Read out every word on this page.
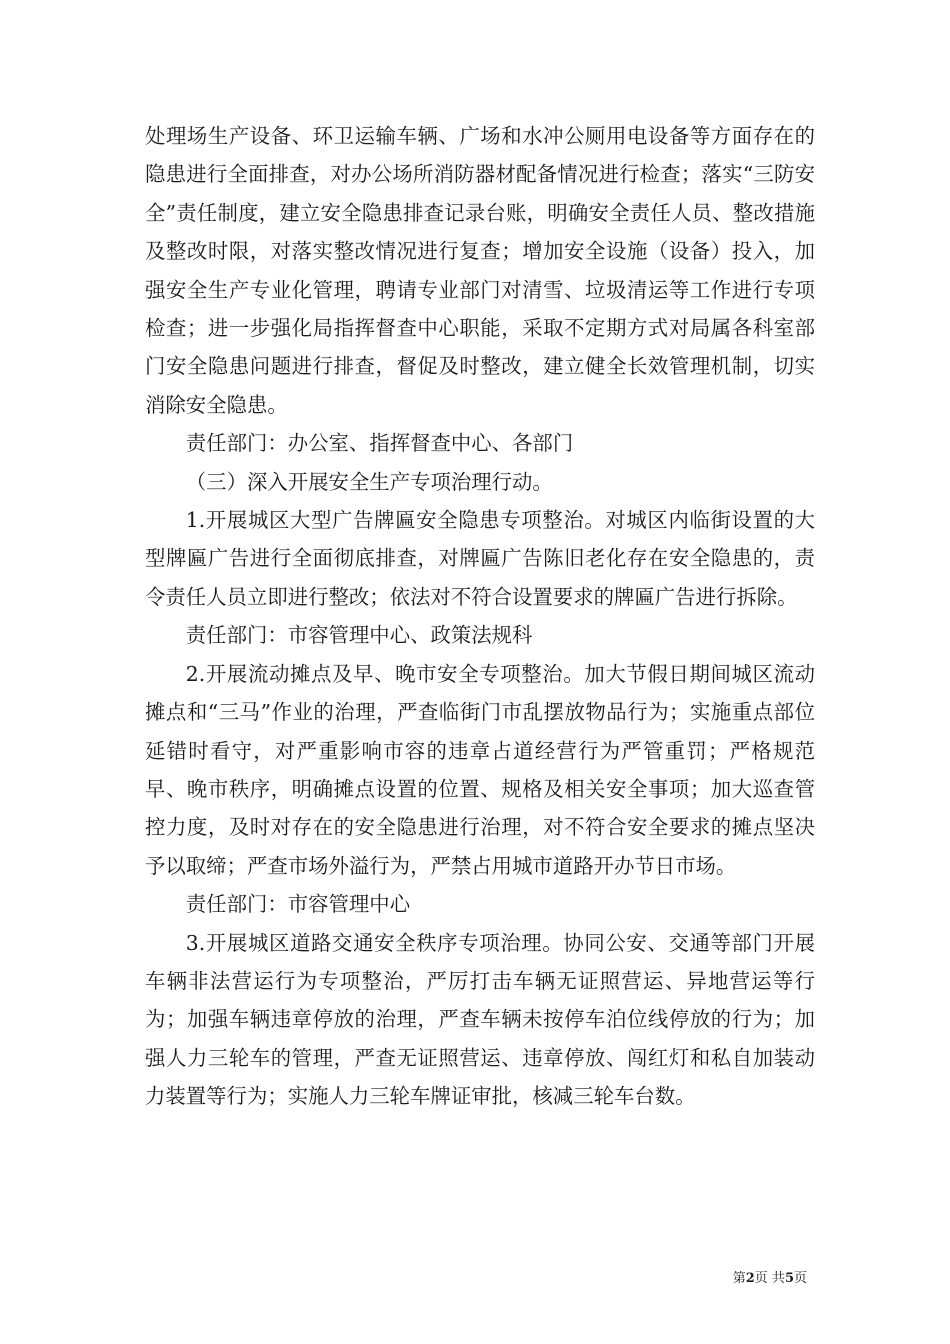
处理场生产设备、环卫运输车辆、广场和水冲公厕用电设备等方面存在的隐患进行全面排查，对办公场所消防器材配备情况进行检查；落实“三防安全”责任制度，建立安全隐患排查记录台账，明确安全责任人员、整改措施及整改时限，对落实整改情况进行复查；增加安全设施（设备）投入，加强安全生产专业化管理，聘请专业部门对清雪、垃圾清运等工作进行专项检查；进一步强化局指挥督查中心职能，采取不定期方式对局属各科室部门安全隐患问题进行排查，督促及时整改，建立健全长效管理机制，切实消除安全隐患。

责任部门：办公室、指挥督查中心、各部门

（三）深入开展安全生产专项治理行动。

1.开展城区大型广告牌匾安全隐患专项整治。对城区内临街设置的大型牌匾广告进行全面彻底排查，对牌匾广告陈旧老化存在安全隐患的，责令责任人员立即进行整改；依法对不符合设置要求的牌匾广告进行拆除。

责任部门：市容管理中心、政策法规科

2.开展流动摊点及早、晚市安全专项整治。加大节假日期间城区流动摊点和“三马”作业的治理，严查临街门市乱摆放物品行为；实施重点部位延错时看守，对严重影响市容的违章占道经营行为严管重罚；严格规范早、晚市秩序，明确摊点设置的位置、规格及相关安全事项；加大巡查管控力度，及时对存在的安全隐患进行治理，对不符合安全要求的摊点坚决予以取缔；严查市场外溢行为，严禁占用城市道路开办节日市场。

责任部门：市容管理中心

3.开展城区道路交通安全秩序专项治理。协同公安、交通等部门开展车辆非法营运行为专项整治，严厉打击车辆无证照营运、异地营运等行为；加强车辆违章停放的治理，严查车辆未按停车泊位线停放的行为；加强人力三轮车的管理，严查无证照营运、违章停放、闯红灯和私自加装动力装置等行为；实施人力三轮车牌证审批，核减三轮车台数。

第2页 共5页
